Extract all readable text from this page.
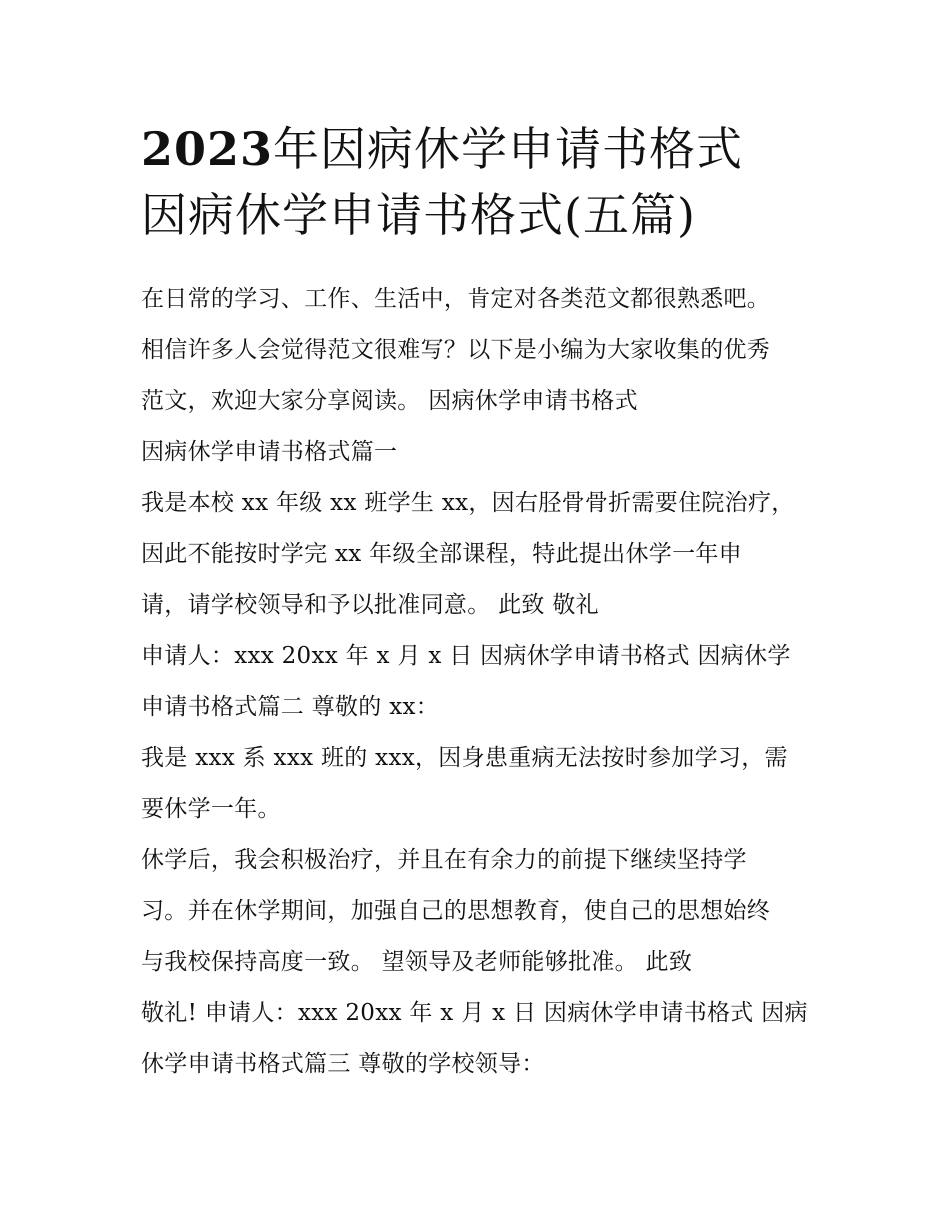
2023年因病休学申请书格式
因病休学申请书格式(五篇)
在日常的学习、工作、生活中，肯定对各类范文都很熟悉吧。
相信许多人会觉得范文很难写？以下是小编为大家收集的优秀
范文，欢迎大家分享阅读。 因病休学申请书格式
因病休学申请书格式篇一
我是本校 xx 年级 xx 班学生 xx，因右胫骨骨折需要住院治疗，
因此不能按时学完 xx 年级全部课程，特此提出休学一年申
请，请学校领导和予以批准同意。 此致 敬礼
申请人：xxx 20xx 年 x 月 x 日 因病休学申请书格式 因病休学
申请书格式篇二 尊敬的 xx：
我是 xxx 系 xxx 班的 xxx，因身患重病无法按时参加学习，需
要休学一年。
休学后，我会积极治疗，并且在有余力的前提下继续坚持学
习。并在休学期间，加强自己的思想教育，使自己的思想始终
与我校保持高度一致。 望领导及老师能够批准。 此致
敬礼! 申请人：xxx 20xx 年 x 月 x 日 因病休学申请书格式 因病
休学申请书格式篇三 尊敬的学校领导：
